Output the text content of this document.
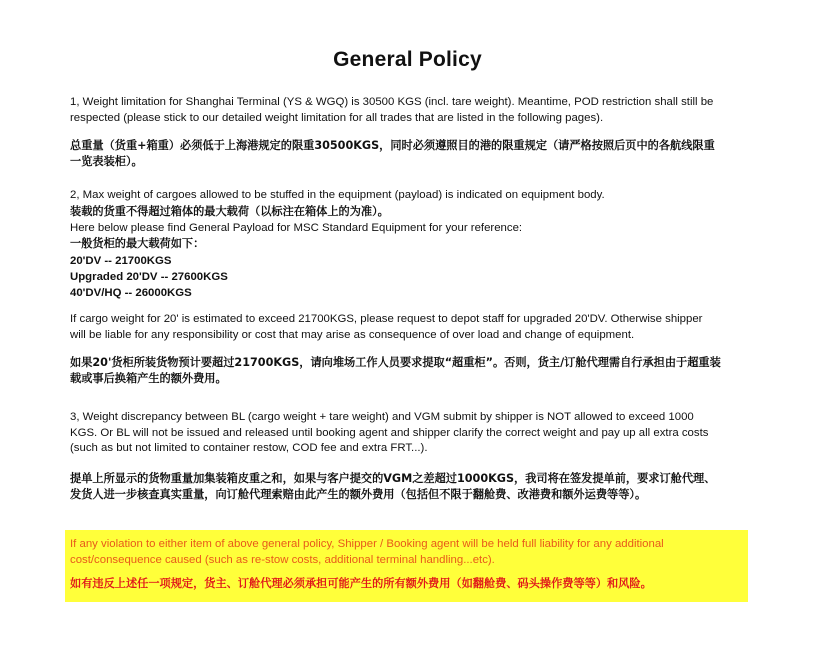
General Policy
1, Weight limitation for Shanghai Terminal (YS & WGQ) is 30500 KGS (incl. tare weight). Meantime, POD restriction shall still be
respected (please stick to our detailed weight limitation for all trades that are listed in the following pages).
总重量（货重+箱重）必须低于上海港规定的限重30500KGS，同时必须遵照目的港的限重规定（请严格按照后页中的各航线限重
一览表装柜）。
2, Max weight of cargoes allowed to be stuffed in the equipment (payload) is indicated on equipment body.
装载的货重不得超过箱体的最大载荷（以标注在箱体上的为准）。
Here below please find General Payload for MSC Standard Equipment for your reference:
一般货柜的最大载荷如下：
20'DV -- 21700KGS
Upgraded 20'DV -- 27600KGS
40'DV/HQ -- 26000KGS
If cargo weight for 20' is estimated to exceed 21700KGS, please request to depot staff for upgraded 20'DV. Otherwise shipper
will be liable for any responsibility or cost that may arise as consequence of over load and change of equipment.
如果20'货柜所装货物预计要超过21700KGS，请向堆场工作人员要求提取“超重柜”。否则，货主/订舱代理需自行承担由于超重装
载或事后换箱产生的额外费用。
3, Weight discrepancy between BL (cargo weight + tare weight) and VGM submit by shipper is NOT allowed to exceed 1000
KGS. Or BL will not be issued and released until booking agent and shipper clarify the correct weight and pay up all extra costs
(such as but not limited to container restow, COD fee and extra FRT...).
提单上所显示的货物重量加集装箱皮重之和，如果与客户提交的VGM之差超过1000KGS，我司将在签发提单前，要求订舱代理、
发货人进一步核查真实重量，向订舱代理索赔由此产生的额外费用（包括但不限于翻舱费、改港费和额外运费等等）。
If any violation to either item of above general policy, Shipper / Booking agent will be held full liability for any additional
cost/consequence caused (such as re-stow costs, additional terminal handling...etc).
如有违反上述任一项规定，货主、订舱代理必须承担可能产生的所有额外费用（如翻舱费、码头操作费等等）和风险。
